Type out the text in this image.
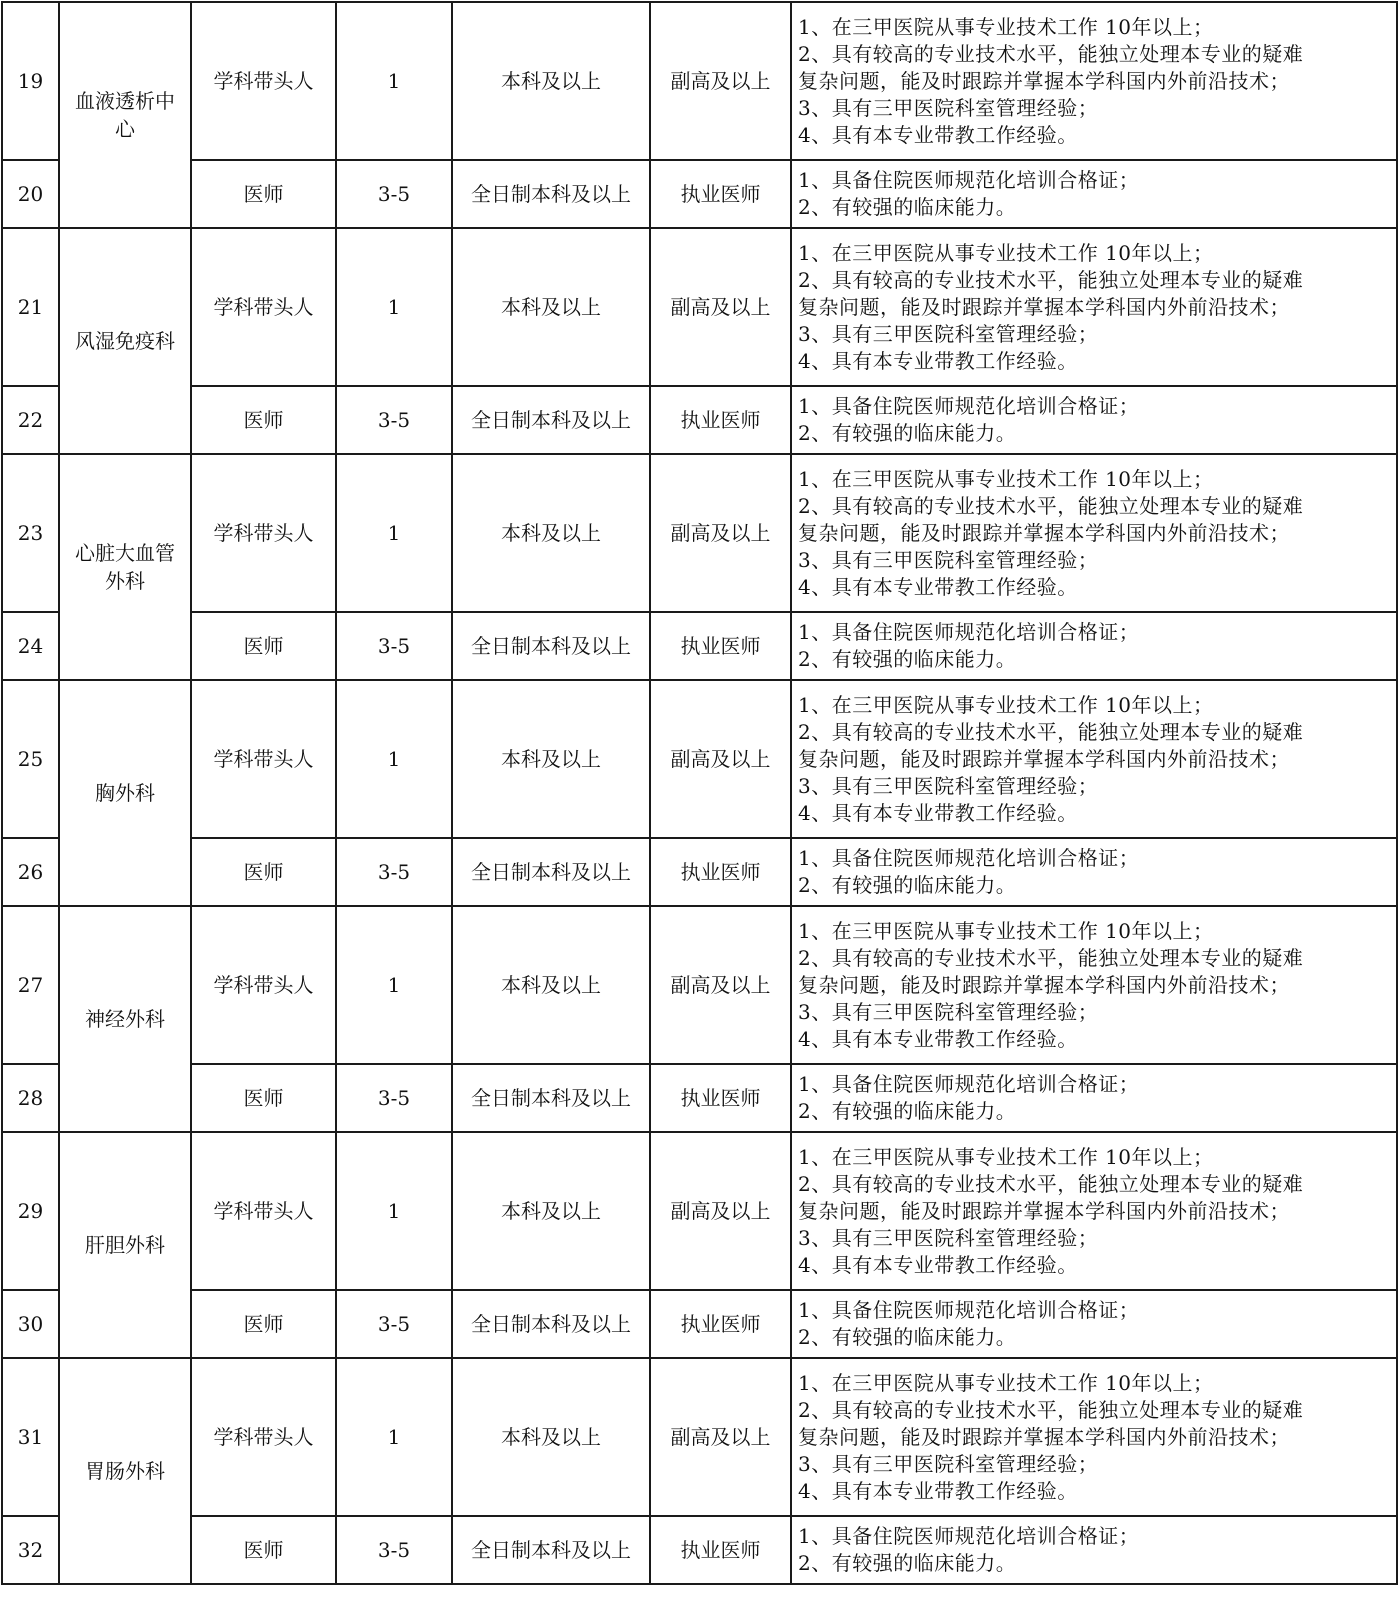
19	血液透析中心	学科带头人	1	本科及以上	副高及以上	1、在三甲医院从事专业技术工作 10年以上；
2、具有较高的专业技术水平，能独立处理本专业的疑难
复杂问题，能及时跟踪并掌握本学科国内外前沿技术；
3、具有三甲医院科室管理经验；
4、具有本专业带教工作经验。

20		医师	3-5	全日制本科及以上	执业医师	1、具备住院医师规范化培训合格证；
2、有较强的临床能力。

21	风湿免疫科	学科带头人	1	本科及以上	副高及以上	1、在三甲医院从事专业技术工作 10年以上；
2、具有较高的专业技术水平，能独立处理本专业的疑难
复杂问题，能及时跟踪并掌握本学科国内外前沿技术；
3、具有三甲医院科室管理经验；
4、具有本专业带教工作经验。

22		医师	3-5	全日制本科及以上	执业医师	1、具备住院医师规范化培训合格证；
2、有较强的临床能力。

23	心脏大血管外科	学科带头人	1	本科及以上	副高及以上	1、在三甲医院从事专业技术工作 10年以上；
2、具有较高的专业技术水平，能独立处理本专业的疑难
复杂问题，能及时跟踪并掌握本学科国内外前沿技术；
3、具有三甲医院科室管理经验；
4、具有本专业带教工作经验。

24		医师	3-5	全日制本科及以上	执业医师	1、具备住院医师规范化培训合格证；
2、有较强的临床能力。

25	胸外科	学科带头人	1	本科及以上	副高及以上	1、在三甲医院从事专业技术工作 10年以上；
2、具有较高的专业技术水平，能独立处理本专业的疑难
复杂问题，能及时跟踪并掌握本学科国内外前沿技术；
3、具有三甲医院科室管理经验；
4、具有本专业带教工作经验。

26		医师	3-5	全日制本科及以上	执业医师	1、具备住院医师规范化培训合格证；
2、有较强的临床能力。

27	神经外科	学科带头人	1	本科及以上	副高及以上	1、在三甲医院从事专业技术工作 10年以上；
2、具有较高的专业技术水平，能独立处理本专业的疑难
复杂问题，能及时跟踪并掌握本学科国内外前沿技术；
3、具有三甲医院科室管理经验；
4、具有本专业带教工作经验。

28		医师	3-5	全日制本科及以上	执业医师	1、具备住院医师规范化培训合格证；
2、有较强的临床能力。

29	肝胆外科	学科带头人	1	本科及以上	副高及以上	1、在三甲医院从事专业技术工作 10年以上；
2、具有较高的专业技术水平，能独立处理本专业的疑难
复杂问题，能及时跟踪并掌握本学科国内外前沿技术；
3、具有三甲医院科室管理经验；
4、具有本专业带教工作经验。

30		医师	3-5	全日制本科及以上	执业医师	1、具备住院医师规范化培训合格证；
2、有较强的临床能力。

31	胃肠外科	学科带头人	1	本科及以上	副高及以上	1、在三甲医院从事专业技术工作 10年以上；
2、具有较高的专业技术水平，能独立处理本专业的疑难
复杂问题，能及时跟踪并掌握本学科国内外前沿技术；
3、具有三甲医院科室管理经验；
4、具有本专业带教工作经验。

32		医师	3-5	全日制本科及以上	执业医师	1、具备住院医师规范化培训合格证；
2、有较强的临床能力。
